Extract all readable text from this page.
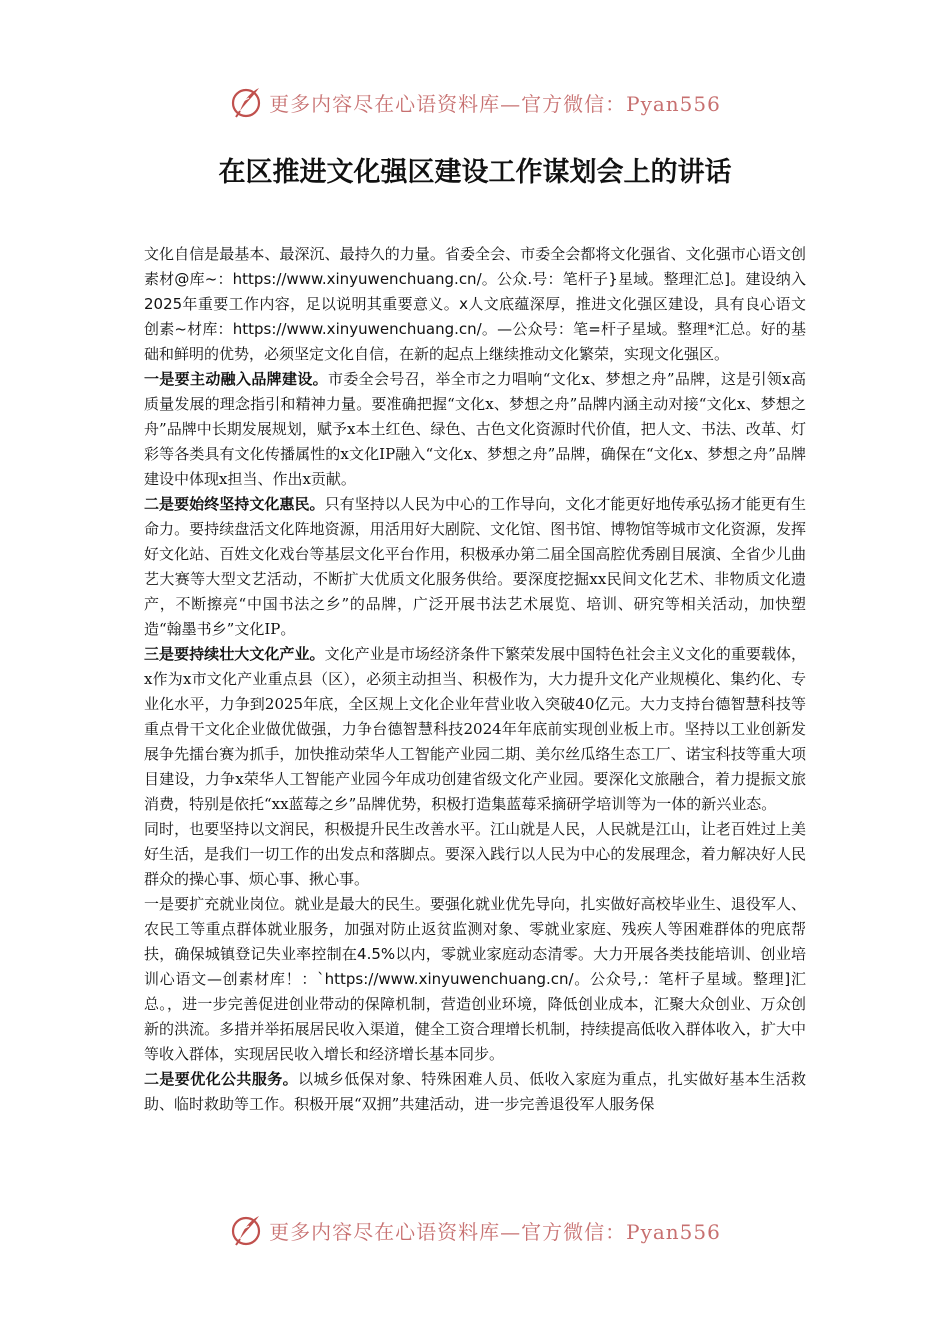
更多内容尽在心语资料库—官方微信：Pyan556
在区推进文化强区建设工作谋划会上的讲话

文化自信是最基本、最深沉、最持久的力量。省委全会、市委全会都将文化强省、文化强市心语文创素材@库~：https://www.xinyuwenchuang.cn/。公众.号：笔杆子}星域。整理汇总]。建设纳入2025年重要工作内容，足以说明其重要意义。x人文底蕴深厚，推进文化强区建设，具有良心语文创素~材库：https://www.xinyuwenchuang.cn/。—公众号：笔=杆子星域。整理*汇总。好的基础和鲜明的优势，必须坚定文化自信，在新的起点上继续推动文化繁荣，实现文化强区。

一是要主动融入品牌建设。市委全会号召，举全市之力唱响“文化x、梦想之舟”品牌，这是引领x高质量发展的理念指引和精神力量。要准确把握“文化x、梦想之舟”品牌内涵主动对接“文化x、梦想之舟”品牌中长期发展规划，赋予x本土红色、绿色、古色文化资源时代价值，把人文、书法、改革、灯彩等各类具有文化传播属性的x文化IP融入“文化x、梦想之舟”品牌，确保在“文化x、梦想之舟”品牌建设中体现x担当、作出x贡献。

二是要始终坚持文化惠民。只有坚持以人民为中心的工作导向，文化才能更好地传承弘扬才能更有生命力。要持续盘活文化阵地资源，用活用好大剧院、文化馆、图书馆、博物馆等城市文化资源，发挥好文化站、百姓文化戏台等基层文化平台作用，积极承办第二届全国高腔优秀剧目展演、全省少儿曲艺大赛等大型文艺活动，不断扩大优质文化服务供给。要深度挖掘xx民间文化艺术、非物质文化遗产，不断擦亮“中国书法之乡”的品牌，广泛开展书法艺术展览、培训、研究等相关活动，加快塑造“翰墨书乡”文化IP。

三是要持续壮大文化产业。文化产业是市场经济条件下繁荣发展中国特色社会主义文化的重要载体，x作为x市文化产业重点县（区），必须主动担当、积极作为，大力提升文化产业规模化、集约化、专业化水平，力争到2025年底，全区规上文化企业年营业收入突破40亿元。大力支持台德智慧科技等重点骨干文化企业做优做强，力争台德智慧科技2024年年底前实现创业板上市。坚持以工业创新发展争先擂台赛为抓手，加快推动荣华人工智能产业园二期、美尔丝瓜络生态工厂、诺宝科技等重大项目建设，力争x荣华人工智能产业园今年成功创建省级文化产业园。要深化文旅融合，着力提振文旅消费，特别是依托“xx蓝莓之乡”品牌优势，积极打造集蓝莓采摘研学培训等为一体的新兴业态。

同时，也要坚持以文润民，积极提升民生改善水平。江山就是人民，人民就是江山，让老百姓过上美好生活，是我们一切工作的出发点和落脚点。要深入践行以人民为中心的发展理念，着力解决好人民群众的操心事、烦心事、揪心事。

一是要扩充就业岗位。就业是最大的民生。要强化就业优先导向，扎实做好高校毕业生、退役军人、农民工等重点群体就业服务，加强对防止返贫监测对象、零就业家庭、残疾人等困难群体的兜底帮扶，确保城镇登记失业率控制在4.5%以内，零就业家庭动态清零。大力开展各类技能培训、创业培训心语文—创素材库！：`https://www.xinyuwenchuang.cn/。公众号,：笔杆子星域。整理]汇总。，进一步完善促进创业带动的保障机制，营造创业环境，降低创业成本，汇聚大众创业、万众创新的洪流。多措并举拓展居民收入渠道，健全工资合理增长机制，持续提高低收入群体收入，扩大中等收入群体，实现居民收入增长和经济增长基本同步。

二是要优化公共服务。以城乡低保对象、特殊困难人员、低收入家庭为重点，扎实做好基本生活救助、临时救助等工作。积极开展“双拥”共建活动，进一步完善退役军人服务保

更多内容尽在心语资料库—官方微信：Pyan556
